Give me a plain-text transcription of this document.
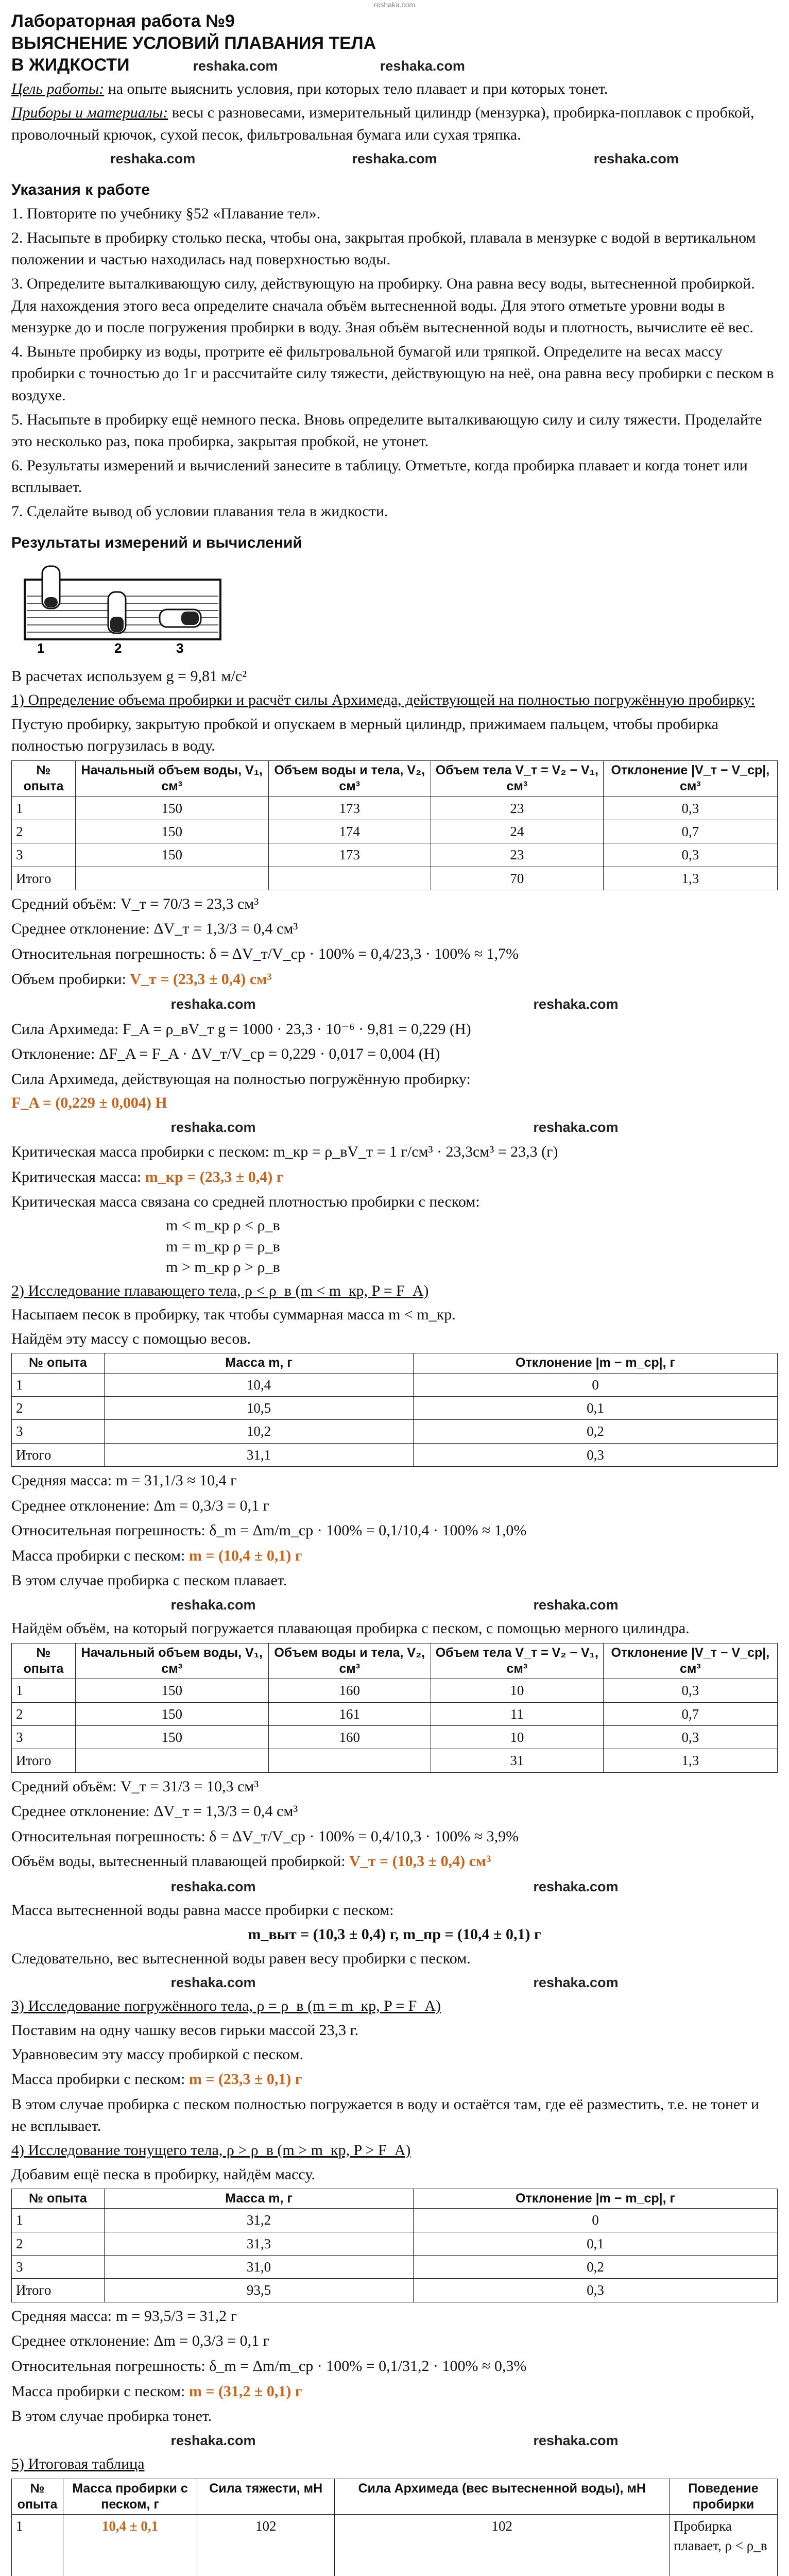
reshaka.com
Лабораторная работа №9
ВЫЯСНЕНИЕ УСЛОВИЙ ПЛАВАНИЯ ТЕЛА
В ЖИДКОСТИ	reshaka.com	reshaka.com

Цель работы: на опыте выяснить условия, при которых тело плавает и при которых тонет.

Приборы и материалы: весы с разновесами, измерительный цилиндр (мензурка), пробирка-поплавок с пробкой, проволочный крючок, сухой песок, фильтровальная бумага или сухая тряпка.

reshaka.com	reshaka.com	reshaka.com
Указания к работе

1. Повторите по учебнику §52 «Плавание тел».

2. Насыпьте в пробирку столько песка, чтобы она, закрытая пробкой, плавала в мензурке с водой в вертикальном положении и частью находилась над поверхностью воды.

3. Определите выталкивающую силу, действующую на пробирку. Она равна весу воды, вытесненной пробиркой. Для нахождения этого веса определите сначала объём вытесненной воды. Для этого отметьте уровни воды в мензурке до и после погружения пробирки в воду. Зная объём вытесненной воды и плотность, вычислите её вес.

4. Выньте пробирку из воды, протрите её фильтровальной бумагой или тряпкой. Определите на весах массу пробирки с точностью до 1г и рассчитайте силу тяжести, действующую на неё, она равна весу пробирки с песком в воздухе.

5. Насыпьте в пробирку ещё немного песка. Вновь определите выталкивающую силу и силу тяжести. Проделайте это несколько раз, пока пробирка, закрытая пробкой, не утонет.

6. Результаты измерений и вычислений занесите в таблицу. Отметьте, когда пробирка плавает и когда тонет или всплывает.

7. Сделайте вывод об условии плавания тела в жидкости.

Результаты измерений и вычислений
1	2	3

В расчетах используем g = 9,81 м/с²

1) Определение объема пробирки и расчёт силы Архимеда, действующей на полностью погружённую пробирку:

Пустую пробирку, закрытую пробкой и опускаем в мерный цилиндр, прижимаем пальцем, чтобы пробирка полностью погрузилась в воду.

№ опыта	Начальный объем воды, V₁, см³	Объем воды и тела, V₂, см³	Объем тела V_т = V₂ − V₁, см³	Отклонение |V_т − V_ср|, см³
1	150	173	23	0,3
2	150	174	24	0,7
3	150	173	23	0,3
Итого			70	1,3

Средний объём: V_т = 70/3 = 23,3 см³

Среднее отклонение: ΔV_т = 1,3/3 = 0,4 см³

Относительная погрешность: δ = ΔV_т/V_ср · 100% = 0,4/23,3 · 100% ≈ 1,7%

Объем пробирки: V_т = (23,3 ± 0,4) см³

reshaka.com	reshaka.com

Сила Архимеда: F_A = ρ_вV_т g = 1000 · 23,3 · 10⁻⁶ · 9,81 = 0,229 (Н)

Отклонение: ΔF_A = F_A · ΔV_т/V_ср = 0,229 · 0,017 = 0,004 (Н)

Сила Архимеда, действующая на полностью погружённую пробирку:

F_A = (0,229 ± 0,004) Н

reshaka.com	reshaka.com

Критическая масса пробирки с песком: m_кр = ρ_вV_т = 1 г/см³ · 23,3см³ = 23,3 (г)

Критическая масса: m_кр = (23,3 ± 0,4) г

Критическая масса связана со средней плотностью пробирки с песком:

m < m_кр ρ < ρ_в
m = m_кр ρ = ρ_в
m > m_кр ρ > ρ_в

2) Исследование плавающего тела, ρ < ρ_в (m < m_кр, P = F_A)

Насыпаем песок в пробирку, так чтобы суммарная масса m < m_кр.

Найдём эту массу с помощью весов.

№ опыта	Масса m, г	Отклонение |m − m_ср|, г
1	10,4	0
2	10,5	0,1
3	10,2	0,2
Итого	31,1	0,3

Средняя масса: m = 31,1/3 ≈ 10,4 г

Среднее отклонение: Δm = 0,3/3 = 0,1 г

Относительная погрешность: δ_m = Δm/m_ср · 100% = 0,1/10,4 · 100% ≈ 1,0%

Масса пробирки с песком: m = (10,4 ± 0,1) г

В этом случае пробирка с песком плавает.

reshaka.com	reshaka.com

Найдём объём, на который погружается плавающая пробирка с песком, с помощью мерного цилиндра.

№ опыта	Начальный объем воды, V₁, см³	Объем воды и тела, V₂, см³	Объем тела V_т = V₂ − V₁, см³	Отклонение |V_т − V_ср|, см³
1	150	160	10	0,3
2	150	161	11	0,7
3	150	160	10	0,3
Итого			31	1,3

Средний объём: V_т = 31/3 = 10,3 см³

Среднее отклонение: ΔV_т = 1,3/3 = 0,4 см³

Относительная погрешность: δ = ΔV_т/V_ср · 100% = 0,4/10,3 · 100% ≈ 3,9%

Объём воды, вытесненный плавающей пробиркой: V_т = (10,3 ± 0,4) см³

reshaka.com	reshaka.com

Масса вытесненной воды равна массе пробирки с песком:

m_выт = (10,3 ± 0,4) г, m_пр = (10,4 ± 0,1) г

Следовательно, вес вытесненной воды равен весу пробирки с песком.

reshaka.com	reshaka.com

3) Исследование погружённого тела, ρ = ρ_в (m = m_кр, P = F_A)

Поставим на одну чашку весов гирьки массой 23,3 г.

Уравновесим эту массу пробиркой с песком.

Масса пробирки с песком: m = (23,3 ± 0,1) г

В этом случае пробирка с песком полностью погружается в воду и остаётся там, где её разместить, т.е. не тонет и не всплывает.

4) Исследование тонущего тела, ρ > ρ_в (m > m_кр, P > F_A)

Добавим ещё песка в пробирку, найдём массу.

№ опыта	Масса m, г	Отклонение |m − m_ср|, г
1	31,2	0
2	31,3	0,1
3	31,0	0,2
Итого	93,5	0,3

Средняя масса: m = 93,5/3 = 31,2 г

Среднее отклонение: Δm = 0,3/3 = 0,1 г

Относительная погрешность: δ_m = Δm/m_ср · 100% = 0,1/31,2 · 100% ≈ 0,3%

Масса пробирки с песком: m = (31,2 ± 0,1) г

В этом случае пробирка тонет.

reshaka.com	reshaka.com

5) Итоговая таблица

№ опыта	Масса пробирки с песком, г	Сила тяжести, мН	Сила Архимеда (вес вытесненной воды), мН	Поведение пробирки
1	10,4 ± 0,1	102	102	Пробирка плавает, ρ < ρ_в
